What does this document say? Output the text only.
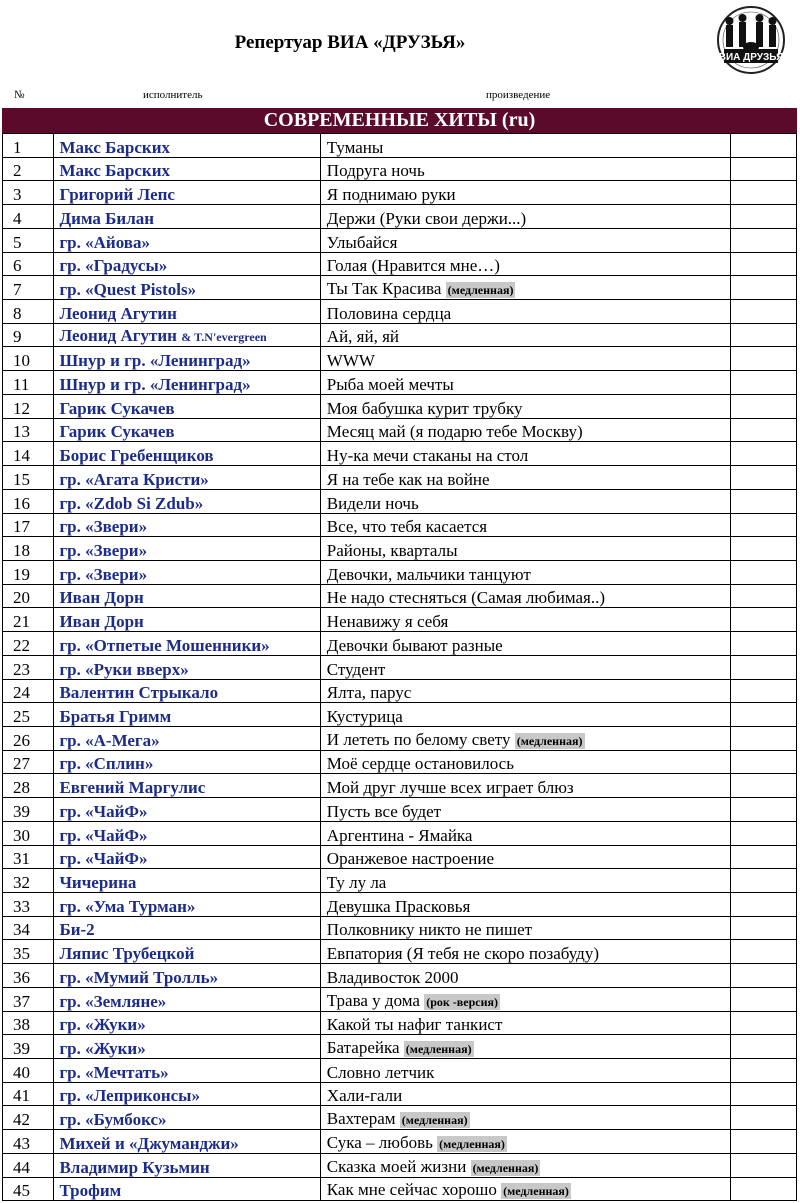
Репертуар ВИА «ДРУЗЬЯ»
ВИА ДРУЗЬЯ
№	исполнитель	произведение
СОВРЕМЕННЫЕ ХИТЫ (ru)
1	Макс Барских	Туманы	
2	Макс Барских	Подруга ночь	
3	Григорий Лепс	Я поднимаю руки	
4	Дима Билан	Держи (Руки свои держи...)	
5	гр. «Айова»	Улыбайся	
6	гр. «Градусы»	Голая (Нравится мне…)	
7	гр. «Quest Pistols»	Ты Так Красива (медленная)	
8	Леонид Агутин	Половина сердца	
9	Леонид Агутин & T.N'evergreen	Ай, яй, яй	
10	Шнур и гр. «Ленинград»	WWW	
11	Шнур и гр. «Ленинград»	Рыба моей мечты	
12	Гарик Сукачев	Моя бабушка курит трубку	
13	Гарик Сукачев	Месяц май (я подарю тебе Москву)	
14	Борис Гребенщиков	Ну-ка мечи стаканы на стол	
15	гр. «Агата Кристи»	Я на тебе как на войне	
16	гр. «Zdob Si Zdub»	Видели ночь	
17	гр. «Звери»	Все, что тебя касается	
18	гр. «Звери»	Районы, кварталы	
19	гр. «Звери»	Девочки, мальчики танцуют	
20	Иван Дорн	Не надо стесняться (Самая любимая..)	
21	Иван Дорн	Ненавижу я себя	
22	гр. «Отпетые Мошенники»	Девочки бывают разные	
23	гр. «Руки вверх»	Студент	
24	Валентин Стрыкало	Ялта, парус	
25	Братья Гримм	Кустурица	
26	гр. «А-Мега»	И лететь по белому свету (медленная)	
27	гр. «Сплин»	Моё сердце остановилось	
28	Евгений Маргулис	Мой друг лучше всех играет блюз	
39	гр. «ЧайФ»	Пусть все будет	
30	гр. «ЧайФ»	Аргентина - Ямайка	
31	гр. «ЧайФ»	Оранжевое настроение	
32	Чичерина	Ту лу ла	
33	гр. «Ума Турман»	Девушка Прасковья	
34	Би-2	Полковнику никто не пишет	
35	Ляпис Трубецкой	Евпатория (Я тебя не скоро позабуду)	
36	гр. «Мумий Тролль»	Владивосток 2000	
37	гр. «Земляне»	Трава у дома (рок -версия)	
38	гр. «Жуки»	Какой ты нафиг танкист	
39	гр. «Жуки»	Батарейка (медленная)	
40	гр. «Мечтать»	Словно летчик	
41	гр. «Леприконсы»	Хали-гали	
42	гр. «Бумбокс»	Вахтерам (медленная)	
43	Михей и «Джуманджи»	Сука – любовь (медленная)	
44	Владимир Кузьмин	Сказка моей жизни (медленная)	
45	Трофим	Как мне сейчас хорошо (медленная)	
